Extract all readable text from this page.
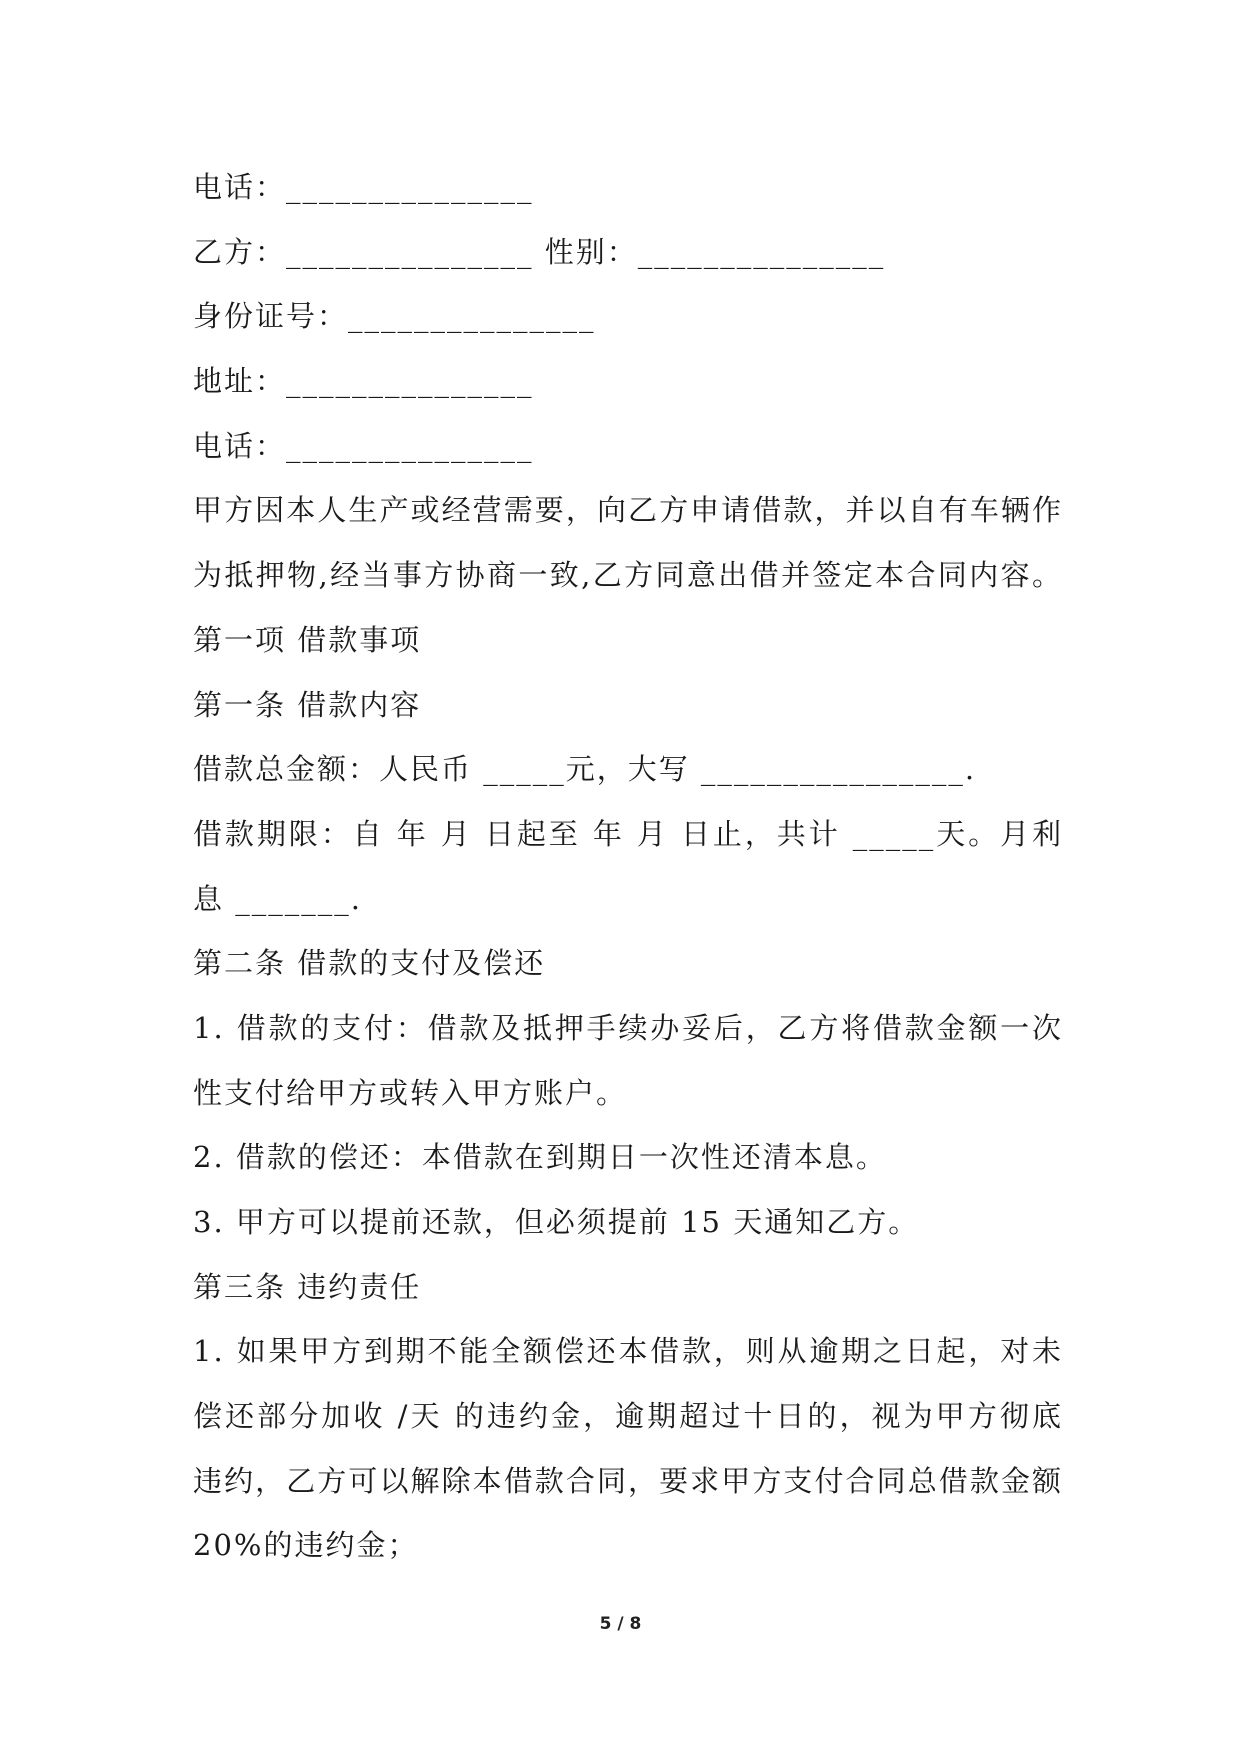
电话：_______________
乙方：_______________ 性别：_______________
身份证号：_______________
地址：_______________
电话：_______________
甲方因本人生产或经营需要，向乙方申请借款，并以自有车辆作
为抵押物,经当事方协商一致,乙方同意出借并签定本合同内容。
第一项 借款事项
第一条 借款内容
借款总金额：人民币 _____元，大写 ________________.
借款期限：自 年 月 日起至 年 月 日止，共计 _____天。月利
息 _______.
第二条 借款的支付及偿还
1. 借款的支付：借款及抵押手续办妥后，乙方将借款金额一次
性支付给甲方或转入甲方账户。
2. 借款的偿还：本借款在到期日一次性还清本息。
3. 甲方可以提前还款，但必须提前 15 天通知乙方。
第三条 违约责任
1. 如果甲方到期不能全额偿还本借款，则从逾期之日起，对未
偿还部分加收 /天 的违约金，逾期超过十日的，视为甲方彻底
违约，乙方可以解除本借款合同，要求甲方支付合同总借款金额
20%的违约金；
5 / 8
